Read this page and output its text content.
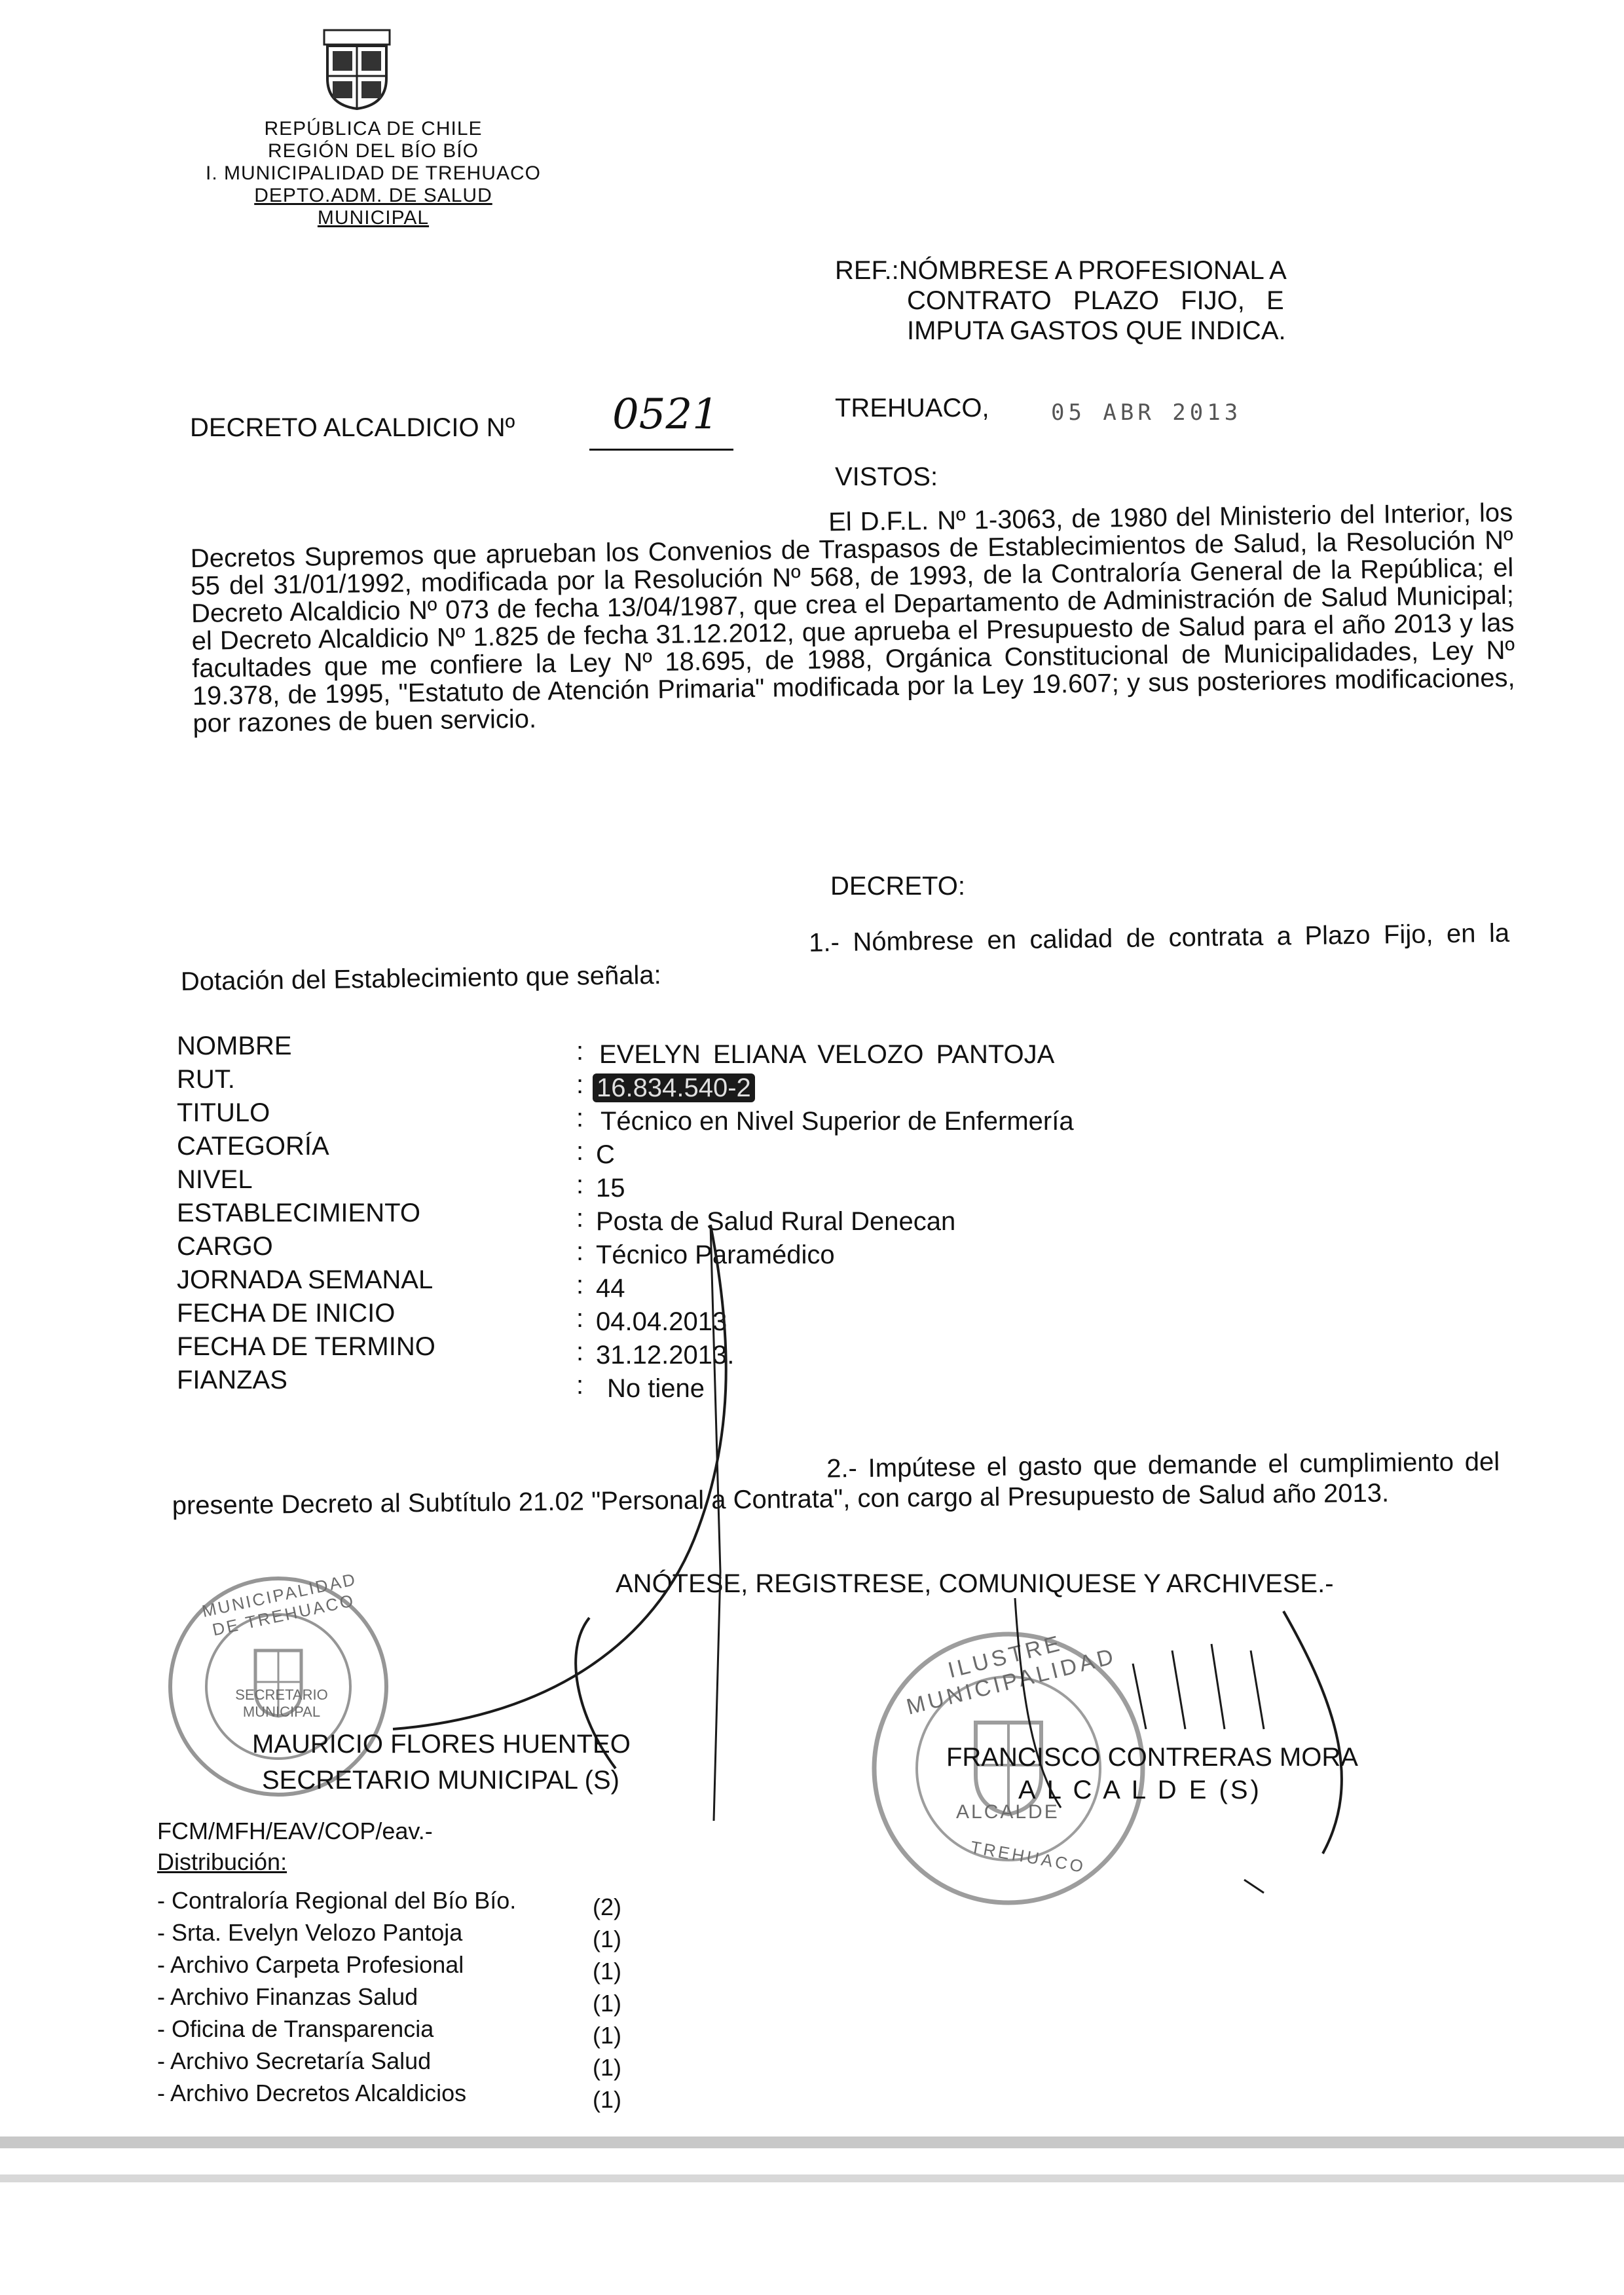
REPÚBLICA DE CHILE
REGIÓN DEL BÍO BÍO
I. MUNICIPALIDAD DE TREHUACO
DEPTO.ADM. DE SALUD MUNICIPAL
REF.:NÓMBRESE A PROFESIONAL A
CONTRATO PLAZO FIJO, E
IMPUTA GASTOS QUE INDICA.
DECRETO ALCALDICIO Nº 0521	TREHUACO,	05 ABR 2013
VISTOS:
El D.F.L. Nº 1-3063, de 1980 del Ministerio del Interior, los Decretos Supremos que aprueban los Convenios de Traspasos de Establecimientos de Salud, la Resolución Nº 55 del 31/01/1992, modificada por la Resolución Nº 568, de 1993, de la Contraloría General de la República; el Decreto Alcaldicio Nº 073 de fecha 13/04/1987, que crea el Departamento de Administración de Salud Municipal; el Decreto Alcaldicio Nº 1.825 de fecha 31.12.2012, que aprueba el Presupuesto de Salud para el año 2013 y las facultades que me confiere la Ley Nº 18.695, de 1988, Orgánica Constitucional de Municipalidades, Ley Nº 19.378, de 1995, "Estatuto de Atención Primaria" modificada por la Ley 19.607; y sus posteriores modificaciones, por razones de buen servicio.
DECRETO:
1.- Nómbrese en calidad de contrata a Plazo Fijo, en la Dotación del Establecimiento que señala:
NOMBRE
RUT.
TITULO
CATEGORÍA
NIVEL
ESTABLECIMIENTO
CARGO
JORNADA SEMANAL
FECHA DE INICIO
FECHA DE TERMINO
FIANZAS
:
:
:
:
:
:
:
:
:
:
:
EVELYN ELIANA VELOZO PANTOJA
16.834.540-2
Técnico en Nivel Superior de Enfermería
C
15
Posta de Salud Rural Denecan
Técnico Paramédico
44
04.04.2013
31.12.2013.
No tiene
2.- Impútese el gasto que demande el cumplimiento del presente Decreto al Subtítulo 21.02 "Personal a Contrata", con cargo al Presupuesto de Salud año 2013.
ANÓTESE, REGISTRESE, COMUNIQUESE Y ARCHIVESE.-
MUNICIPALIDAD DE TREHUACO
SECRETARIO MUNICIPAL
ILUSTRE MUNICIPALIDAD
ALCALDE
TREHUACO
MAURICIO FLORES HUENTEO
SECRETARIO MUNICIPAL (S)
FRANCISCO CONTRERAS MORA
A L C A L D E (S)
FCM/MFH/EAV/COP/eav.-
Distribución:
- Contraloría Regional del Bío Bío.
- Srta. Evelyn Velozo Pantoja
- Archivo Carpeta Profesional
- Archivo Finanzas Salud
- Oficina de Transparencia
- Archivo Secretaría Salud
- Archivo Decretos Alcaldicios
(2)
(1)
(1)
(1)
(1)
(1)
(1)
